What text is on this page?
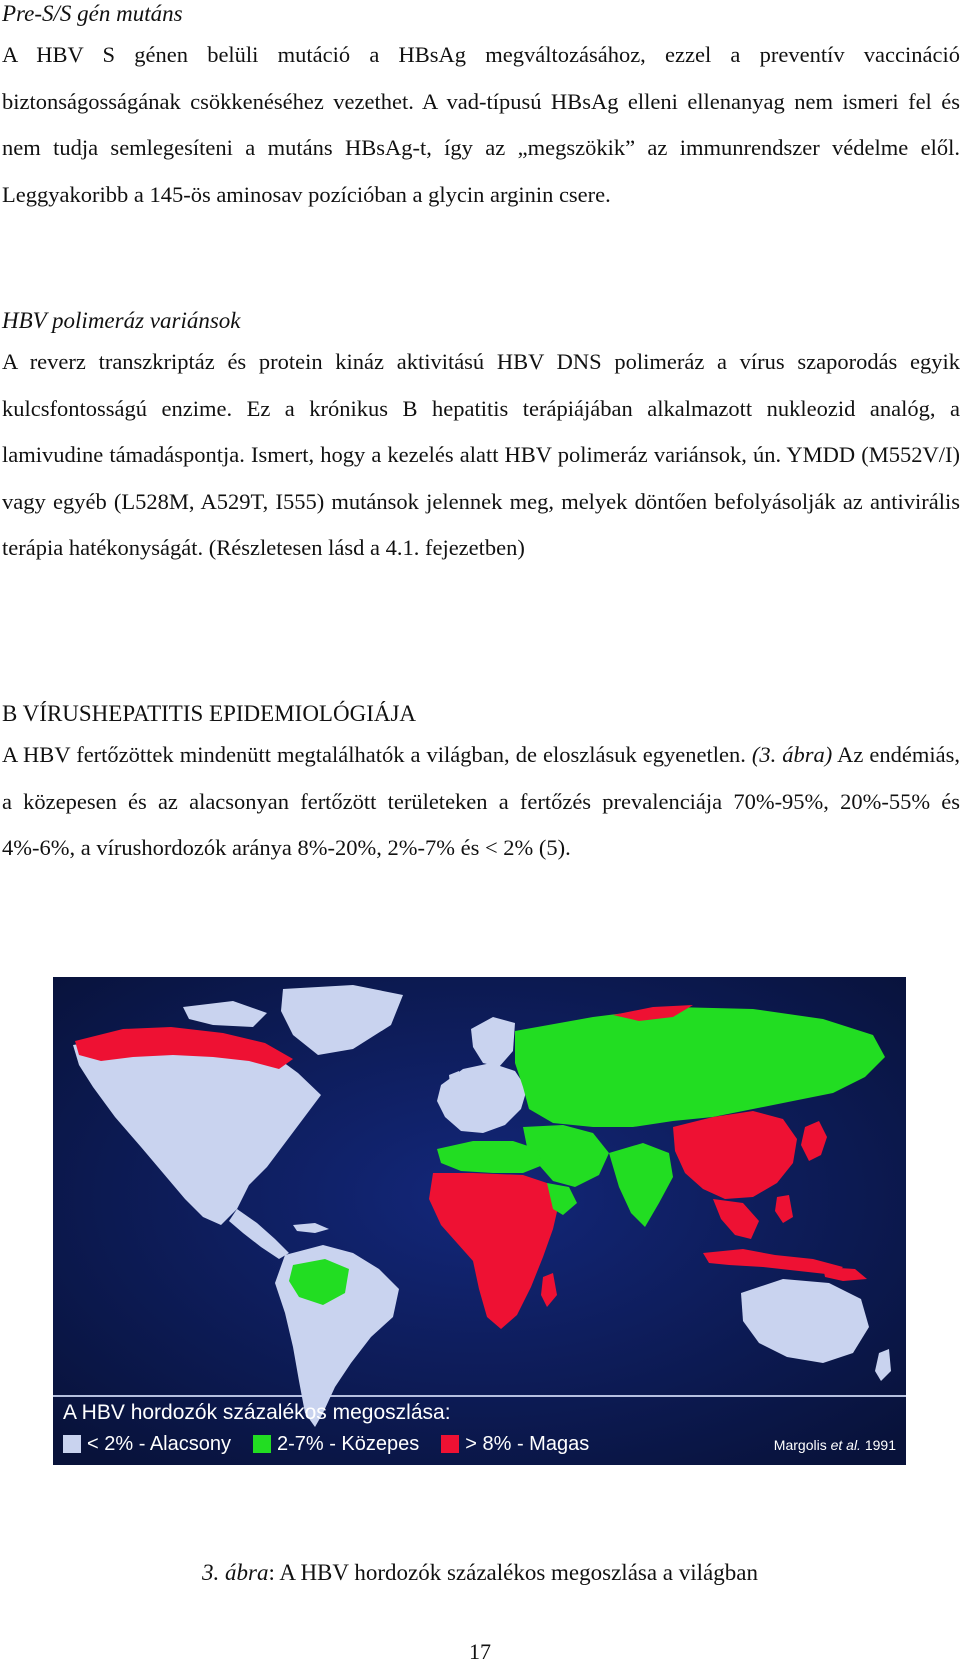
Pre-S/S gén mutáns

A HBV S génen belüli mutáció a HBsAg megváltozásához, ezzel a preventív vaccináció biztonságosságának csökkenéséhez vezethet. A vad-típusú HBsAg elleni ellenanyag nem ismeri fel és nem tudja semlegesíteni a mutáns HBsAg-t, így az „megszökik” az immunrendszer védelme elől. Leggyakoribb a 145-ös aminosav pozícióban a glycin arginin csere.

HBV polimeráz variánsok

A reverz transzkriptáz és protein kináz aktivitású HBV DNS polimeráz a vírus szaporodás egyik kulcsfontosságú enzime. Ez a krónikus B hepatitis terápiájában alkalmazott nukleozid analóg, a lamivudine támadáspontja. Ismert, hogy a kezelés alatt HBV polimeráz variánsok, ún. YMDD (M552V/I) vagy egyéb (L528M, A529T, I555) mutánsok jelennek meg, melyek döntően befolyásolják az antivirális terápia hatékonyságát. (Részletesen lásd a 4.1. fejezetben)

B VÍRUSHEPATITIS EPIDEMIOLÓGIÁJA

A HBV fertőzöttek mindenütt megtalálhatók a világban, de eloszlásuk egyenetlen. (3. ábra) Az endémiás, a közepesen és az alacsonyan fertőzött területeken a fertőzés prevalenciája 70%-95%, 20%-55% és 4%-6%, a vírushordozók aránya 8%-20%, 2%-7% és < 2% (5).

A HBV hordozók százalékos megoszlása:
< 2% - Alacsony 2-7% - Közepes > 8% - Magas	Margolis et al. 1991
3. ábra: A HBV hordozók százalékos megoszlása a világban
17
